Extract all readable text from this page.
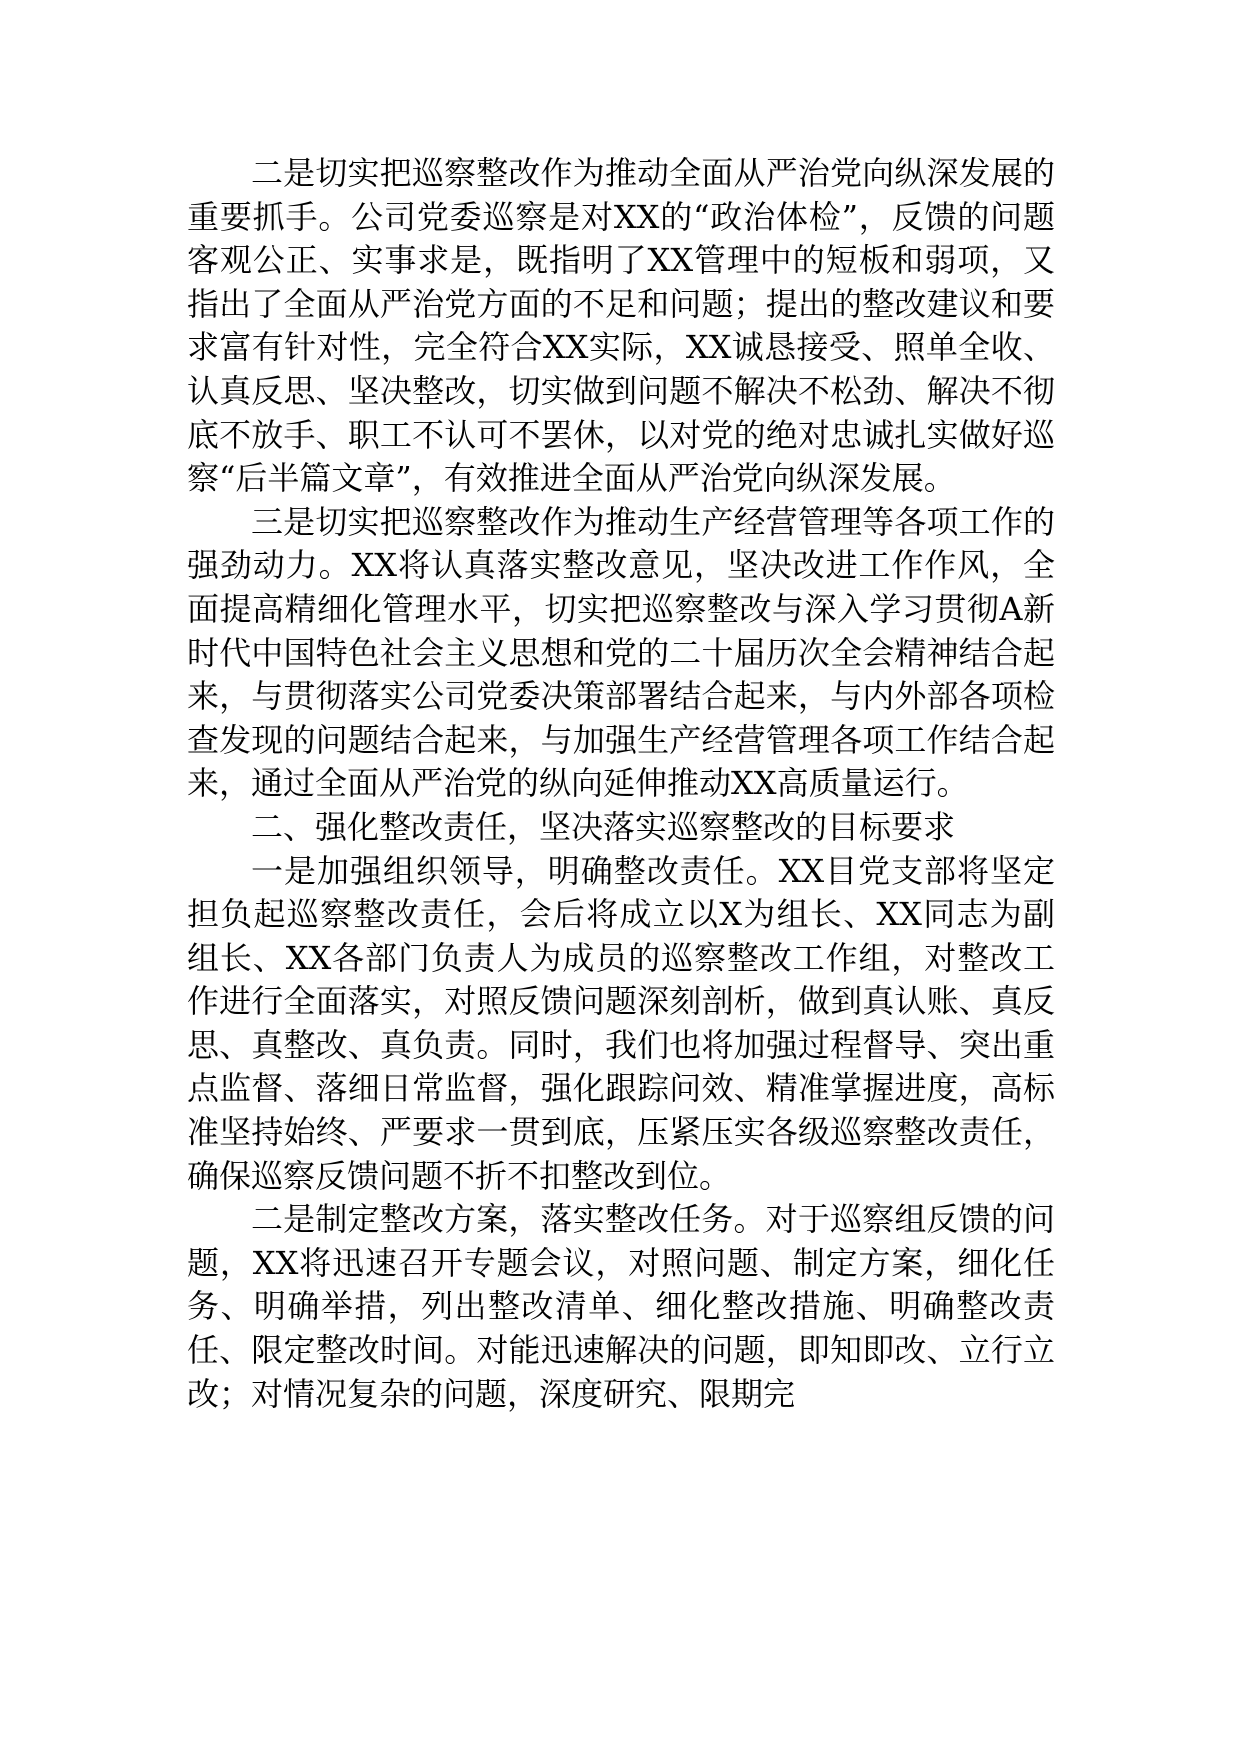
二是切实把巡察整改作为推动全面从严治党向纵深发展的重要抓手。公司党委巡察是对XX的“政治体检”，反馈的问题客观公正、实事求是，既指明了XX管理中的短板和弱项，又指出了全面从严治党方面的不足和问题；提出的整改建议和要求富有针对性，完全符合XX实际，XX诚恳接受、照单全收、认真反思、坚决整改，切实做到问题不解决不松劲、解决不彻底不放手、职工不认可不罢休，以对党的绝对忠诚扎实做好巡察“后半篇文章”，有效推进全面从严治党向纵深发展。

三是切实把巡察整改作为推动生产经营管理等各项工作的强劲动力。XX将认真落实整改意见，坚决改进工作作风，全面提高精细化管理水平，切实把巡察整改与深入学习贯彻A新时代中国特色社会主义思想和党的二十届历次全会精神结合起来，与贯彻落实公司党委决策部署结合起来，与内外部各项检查发现的问题结合起来，与加强生产经营管理各项工作结合起来，通过全面从严治党的纵向延伸推动XX高质量运行。

二、强化整改责任，坚决落实巡察整改的目标要求

一是加强组织领导，明确整改责任。XX目党支部将坚定担负起巡察整改责任，会后将成立以X为组长、XX同志为副组长、XX各部门负责人为成员的巡察整改工作组，对整改工作进行全面落实，对照反馈问题深刻剖析，做到真认账、真反思、真整改、真负责。同时，我们也将加强过程督导、突出重点监督、落细日常监督，强化跟踪问效、精准掌握进度，高标准坚持始终、严要求一贯到底，压紧压实各级巡察整改责任，确保巡察反馈问题不折不扣整改到位。

二是制定整改方案，落实整改任务。对于巡察组反馈的问题，XX将迅速召开专题会议，对照问题、制定方案，细化任务、明确举措，列出整改清单、细化整改措施、明确整改责任、限定整改时间。对能迅速解决的问题，即知即改、立行立改；对情况复杂的问题，深度研究、限期完
